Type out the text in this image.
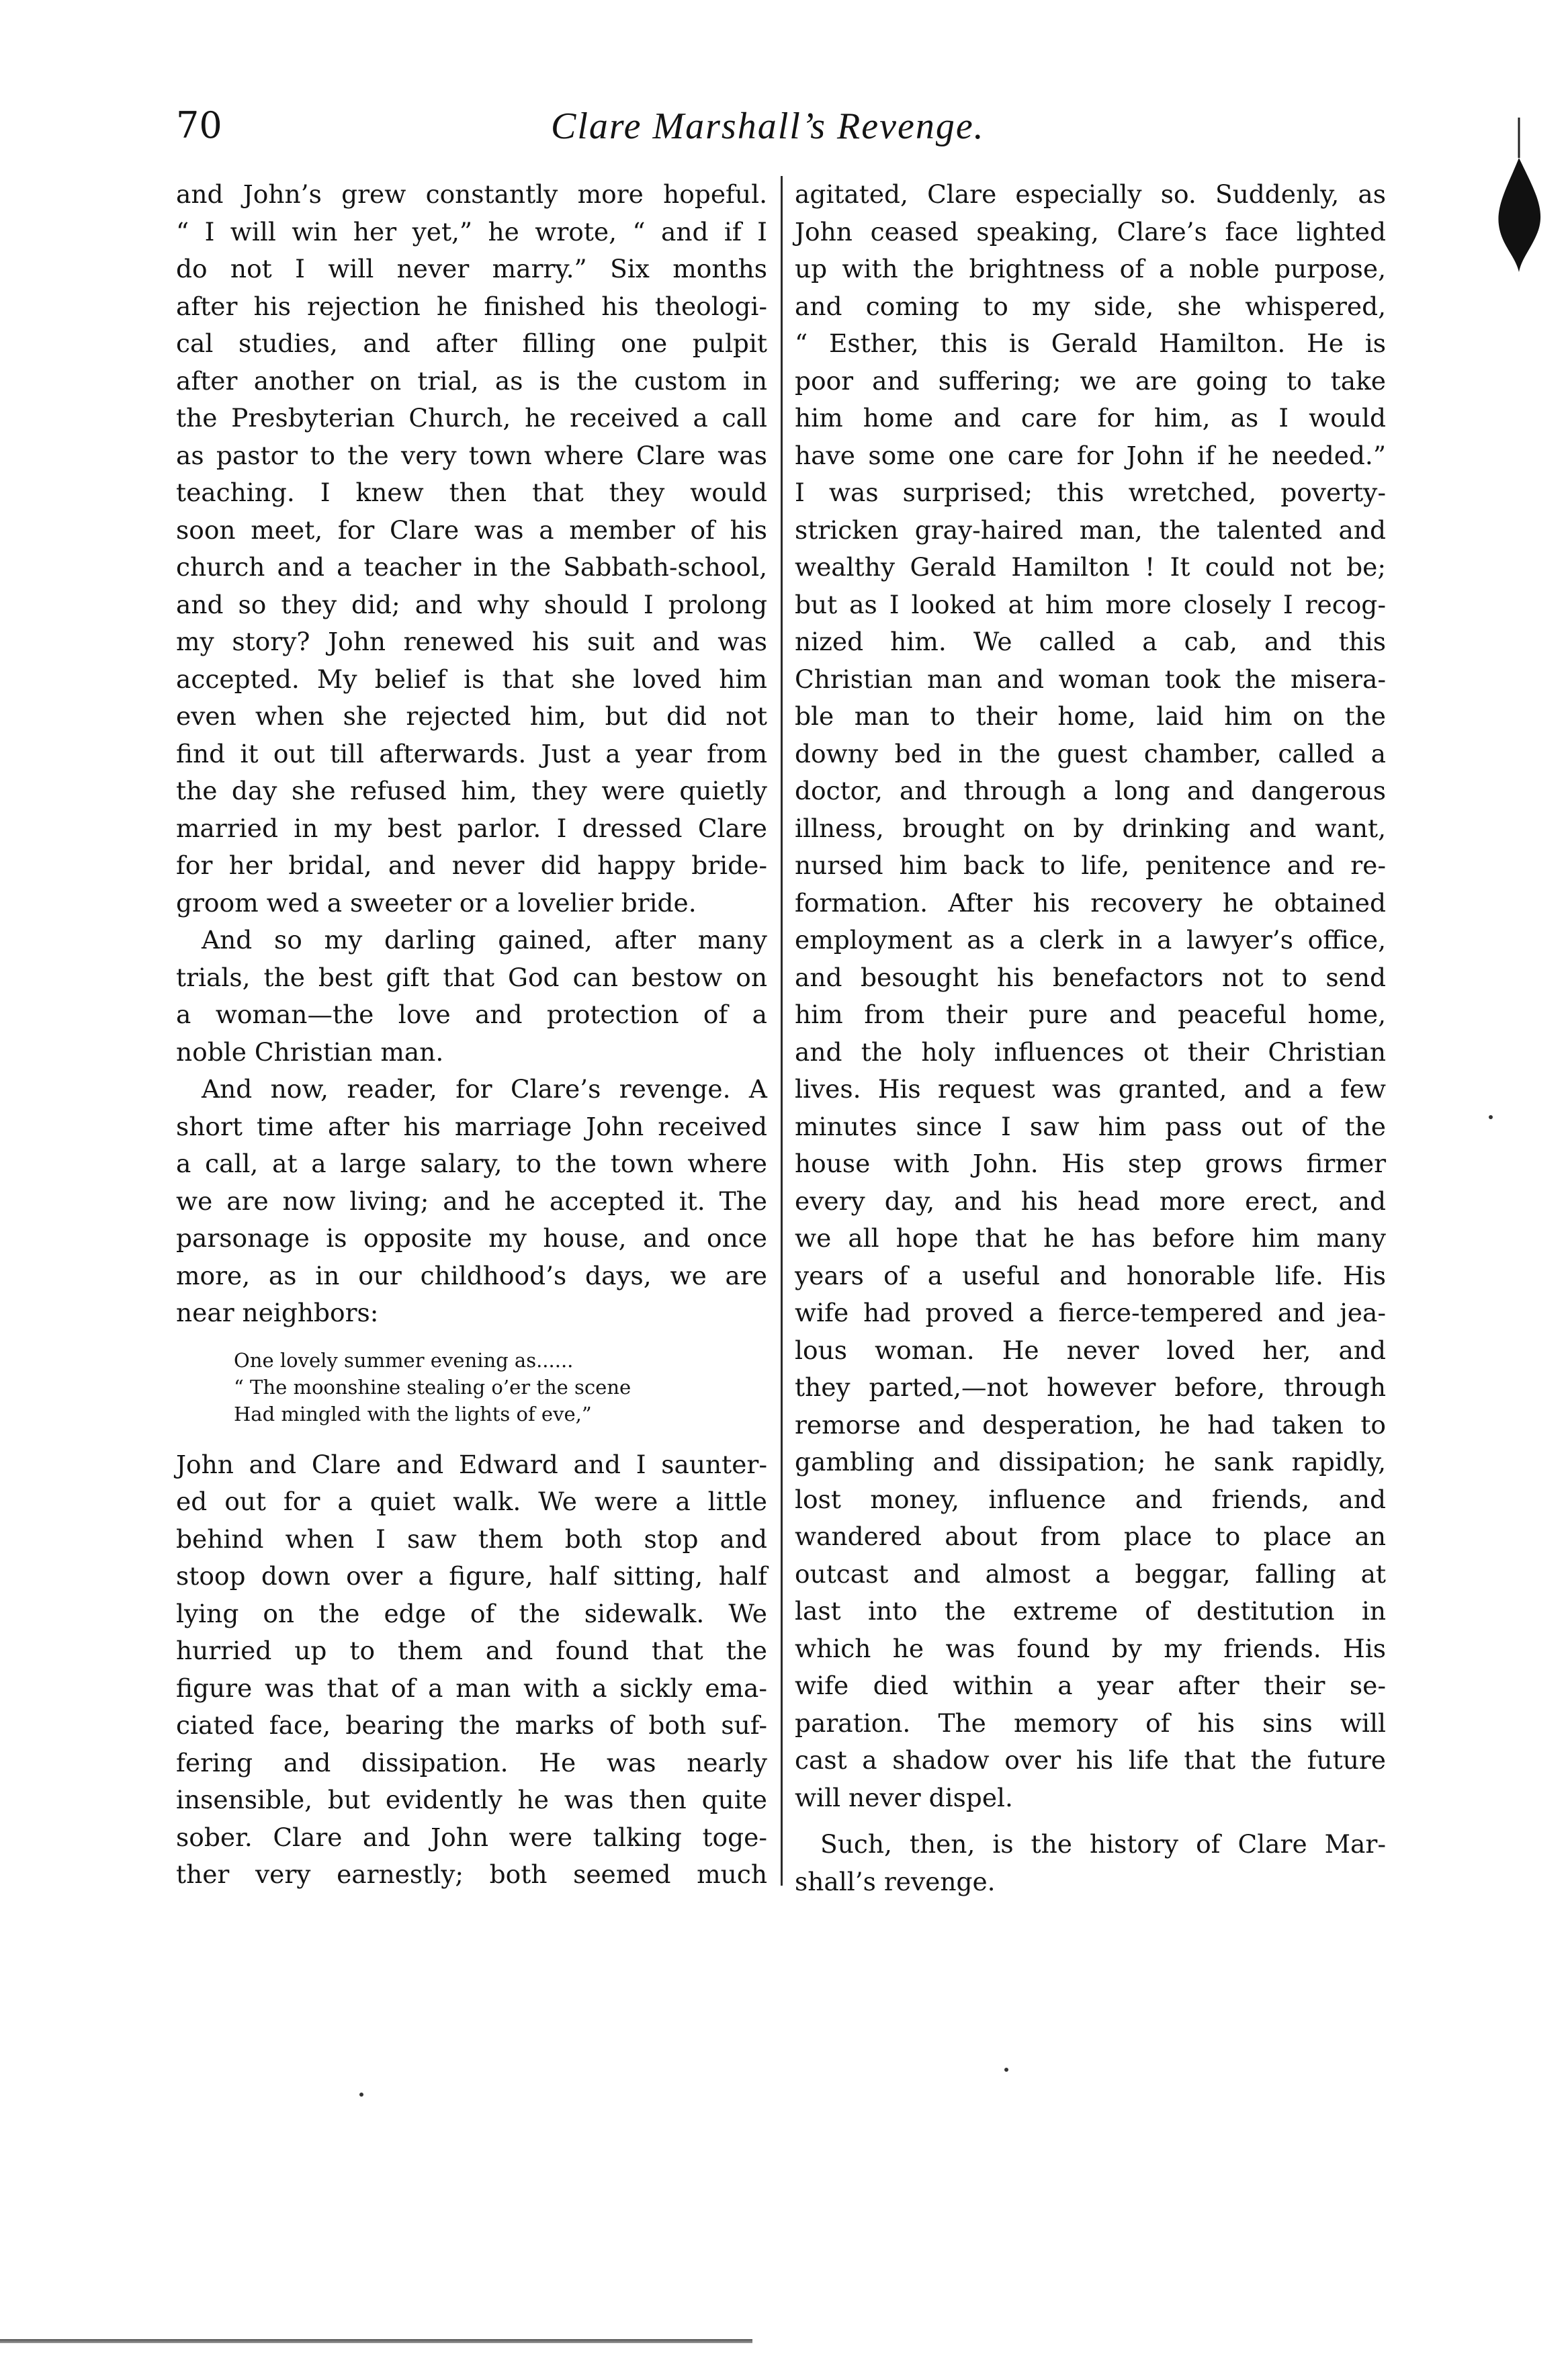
70	Clare Marshall’s Revenge.
and John’s grew constantly more hopeful.
“ I will win her yet,” he wrote, “ and if I
do not I will never marry.” Six months
after his rejection he finished his theologi-
cal studies, and after filling one pulpit
after another on trial, as is the custom in
the Presbyterian Church, he received a call
as pastor to the very town where Clare was
teaching. I knew then that they would
soon meet, for Clare was a member of his
church and a teacher in the Sabbath-school,
and so they did; and why should I prolong
my story? John renewed his suit and was
accepted. My belief is that she loved him
even when she rejected him, but did not
find it out till afterwards. Just a year from
the day she refused him, they were quietly
married in my best parlor. I dressed Clare
for her bridal, and never did happy bride-
groom wed a sweeter or a lovelier bride.
And so my darling gained, after many
trials, the best gift that God can bestow on
a woman—the love and protection of a
noble Christian man.
And now, reader, for Clare’s revenge. A
short time after his marriage John received
a call, at a large salary, to the town where
we are now living; and he accepted it. The
parsonage is opposite my house, and once
more, as in our childhood’s days, we are
near neighbors:
One lovely summer evening as......
“ The moonshine stealing o’er the scene
Had mingled with the lights of eve,”
John and Clare and Edward and I saunter-
ed out for a quiet walk. We were a little
behind when I saw them both stop and
stoop down over a figure, half sitting, half
lying on the edge of the sidewalk. We
hurried up to them and found that the
figure was that of a man with a sickly ema-
ciated face, bearing the marks of both suf-
fering and dissipation. He was nearly
insensible, but evidently he was then quite
sober. Clare and John were talking toge-
ther very earnestly; both seemed much
agitated, Clare especially so. Suddenly, as
John ceased speaking, Clare’s face lighted
up with the brightness of a noble purpose,
and coming to my side, she whispered,
“ Esther, this is Gerald Hamilton. He is
poor and suffering; we are going to take
him home and care for him, as I would
have some one care for John if he needed.”
I was surprised; this wretched, poverty-
stricken gray-haired man, the talented and
wealthy Gerald Hamilton ! It could not be;
but as I looked at him more closely I recog-
nized him. We called a cab, and this
Christian man and woman took the misera-
ble man to their home, laid him on the
downy bed in the guest chamber, called a
doctor, and through a long and dangerous
illness, brought on by drinking and want,
nursed him back to life, penitence and re-
formation. After his recovery he obtained
employment as a clerk in a lawyer’s office,
and besought his benefactors not to send
him from their pure and peaceful home,
and the holy influences ot their Christian
lives. His request was granted, and a few
minutes since I saw him pass out of the
house with John. His step grows firmer
every day, and his head more erect, and
we all hope that he has before him many
years of a useful and honorable life. His
wife had proved a fierce-tempered and jea-
lous woman. He never loved her, and
they parted,—not however before, through
remorse and desperation, he had taken to
gambling and dissipation; he sank rapidly,
lost money, influence and friends, and
wandered about from place to place an
outcast and almost a beggar, falling at
last into the extreme of destitution in
which he was found by my friends. His
wife died within a year after their se-
paration. The memory of his sins will
cast a shadow over his life that the future
will never dispel.
Such, then, is the history of Clare Mar-
shall’s revenge.
